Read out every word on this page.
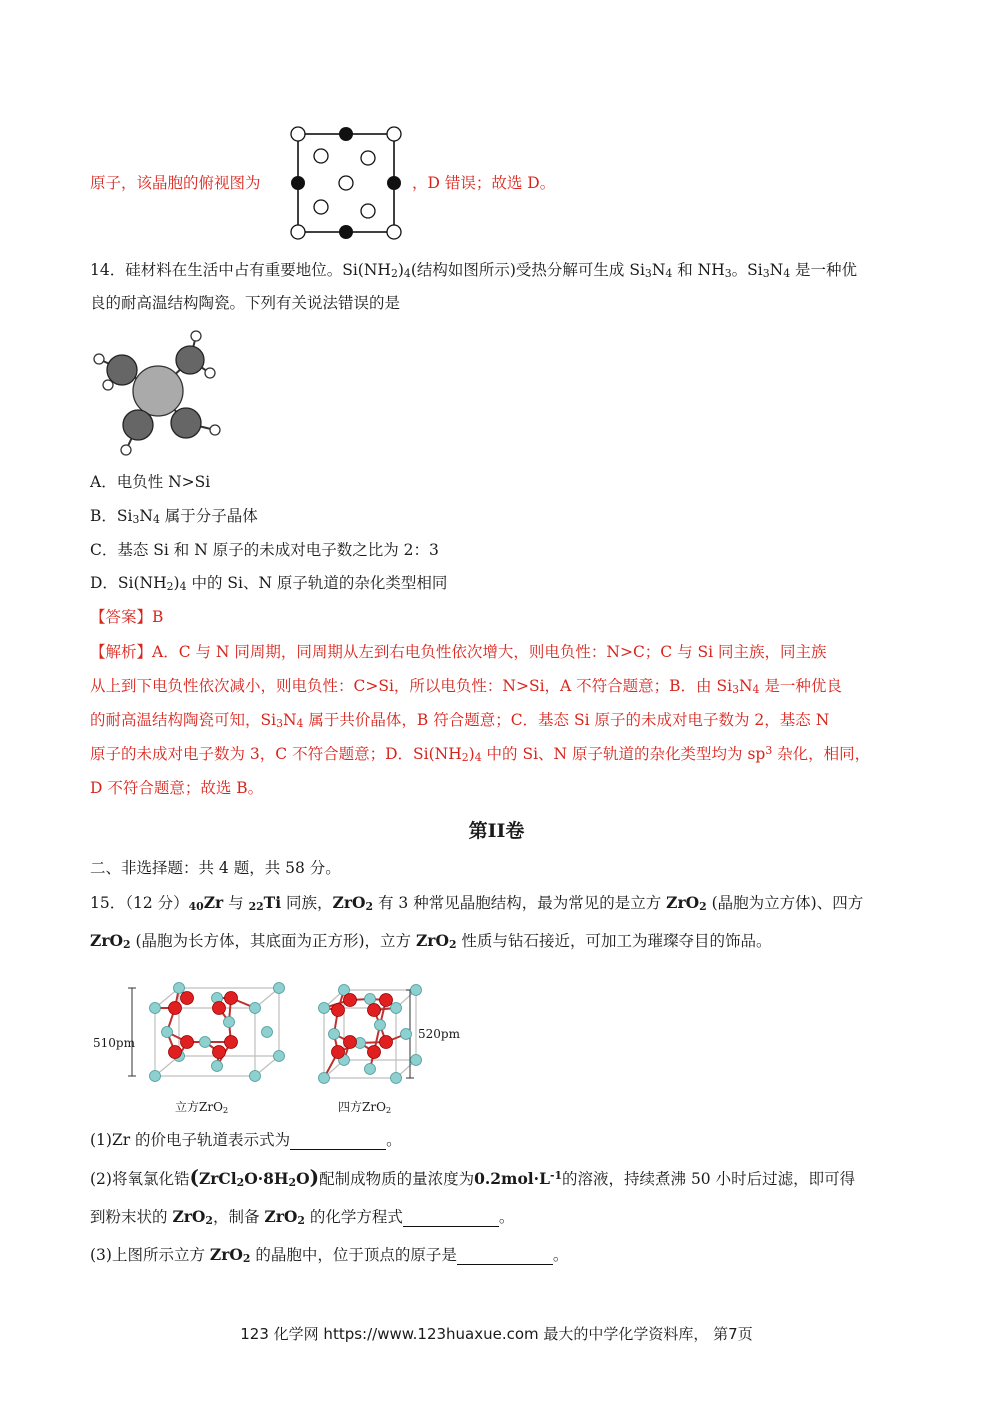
原子，该晶胞的俯视图为	，D 错误；故选 D。
14．硅材料在生活中占有重要地位。$Si(NH_2)_4$(结构如图所示)受热分解可生成 $Si_3N_4$ 和 $NH_3$。$Si_3N_4$ 是一种优
良的耐高温结构陶瓷。下列有关说法错误的是
A．电负性 N>Si
B．$Si_3N_4$ 属于分子晶体
C．基态 Si 和 N 原子的未成对电子数之比为 2：3
D．$Si(NH_2)_4$ 中的 Si、N 原子轨道的杂化类型相同
【答案】B
【解析】A．C 与 N 同周期，同周期从左到右电负性依次增大，则电负性：N>C；C 与 Si 同主族，同主族
从上到下电负性依次减小，则电负性：C>Si，所以电负性：N>Si，A 不符合题意；B．由 $Si_3N_4$ 是一种优良
的耐高温结构陶瓷可知，$Si_3N_4$ 属于共价晶体，B 符合题意；C．基态 Si 原子的未成对电子数为 2，基态 N
原子的未成对电子数为 3，C 不符合题意；D．$Si(NH_2)_4$ 中的 Si、N 原子轨道的杂化类型均为 $sp^3$ 杂化，相同，
D 不符合题意；故选 B。
第II卷
二、非选择题：共 4 题，共 58 分。
15．（12 分）$_{40}Zr$ 与 $_{22}$Ti 同族，ZrO$_2$ 有 3 种常见晶胞结构，最为常见的是立方 ZrO$_2$ (晶胞为立方体)、四方
ZrO$_2$ (晶胞为长方体，其底面为正方形)，立方 ZrO$_2$ 性质与钻石接近，可加工为璀璨夺目的饰品。
510pm
立方ZrO$_2$
520pm
四方ZrO$_2$
(1)Zr 的价电子轨道表示式为	。
(2)将氧氯化锆$(ZrCl_2O\cdot 8H_2O)$配制成物质的量浓度为$0.2mol\cdot L^{-1}$的溶液，持续煮沸 50 小时后过滤，即可得
到粉末状的 ZrO$_2$，制备 ZrO$_2$ 的化学方程式	。
(3)上图所示立方 ZrO$_2$ 的晶胞中，位于顶点的原子是	。
123 化学网 https://www.123huaxue.com 最大的中学化学资料库， 第7页
